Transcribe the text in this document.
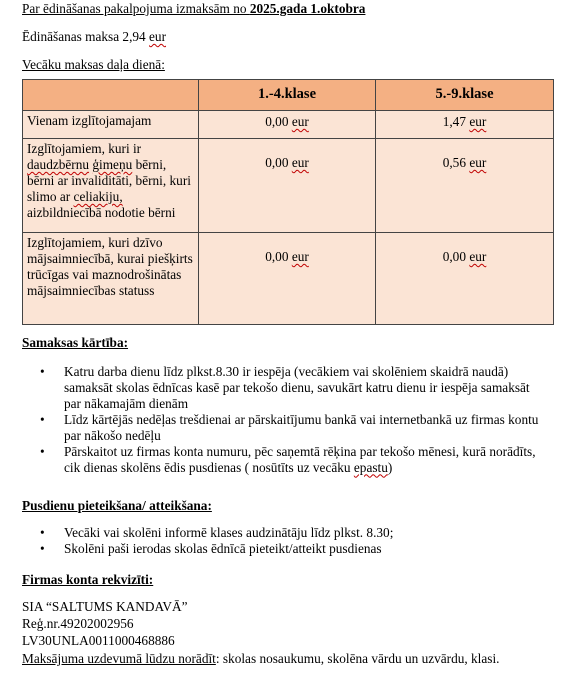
Par ēdināšanas pakalpojuma izmaksām no 2025.gada 1.oktobra
Ēdināšanas maksa 2,94 eur
Vecāku maksas daļa dienā:
	1.-4.klase	5.-9.klase
Vienam izglītojamajam	0,00 eur	1,47 eur
Izglītojamiem, kuri ir daudzbērnu ģimeņu bērni, bērni ar invaliditāti, bērni, kuri slimo ar celiakiju, aizbildniecībā nodotie bērni	0,00 eur	0,56 eur
Izglītojamiem, kuri dzīvo mājsaimniecībā, kurai piešķirts trūcīgas vai maznodrošinātas mājsaimniecības statuss	0,00 eur	0,00 eur
Samaksas kārtība:
• Katru darba dienu līdz plkst.8.30 ir iespēja (vecākiem vai skolēniem skaidrā naudā) samaksāt skolas ēdnīcas kasē par tekošo dienu, savukārt katru dienu ir iespēja samaksāt par nākamajām dienām
• Līdz kārtējās nedēļas trešdienai ar pārskaitījumu bankā vai internetbankā uz firmas kontu par nākošo nedēļu
• Pārskaitot uz firmas konta numuru, pēc saņemtā rēķina par tekošo mēnesi, kurā norādīts, cik dienas skolēns ēdis pusdienas ( nosūtīts uz vecāku epastu)
Pusdienu pieteikšana/ atteikšana:
• Vecāki vai skolēni informē klases audzinātāju līdz plkst. 8.30;
• Skolēni paši ierodas skolas ēdnīcā pieteikt/atteikt pusdienas
Firmas konta rekvizīti:
SIA “SALTUMS KANDAVĀ”
Reģ.nr.49202002956
LV30UNLA0011000468886
Maksājuma uzdevumā lūdzu norādīt: skolas nosaukumu, skolēna vārdu un uzvārdu, klasi.
